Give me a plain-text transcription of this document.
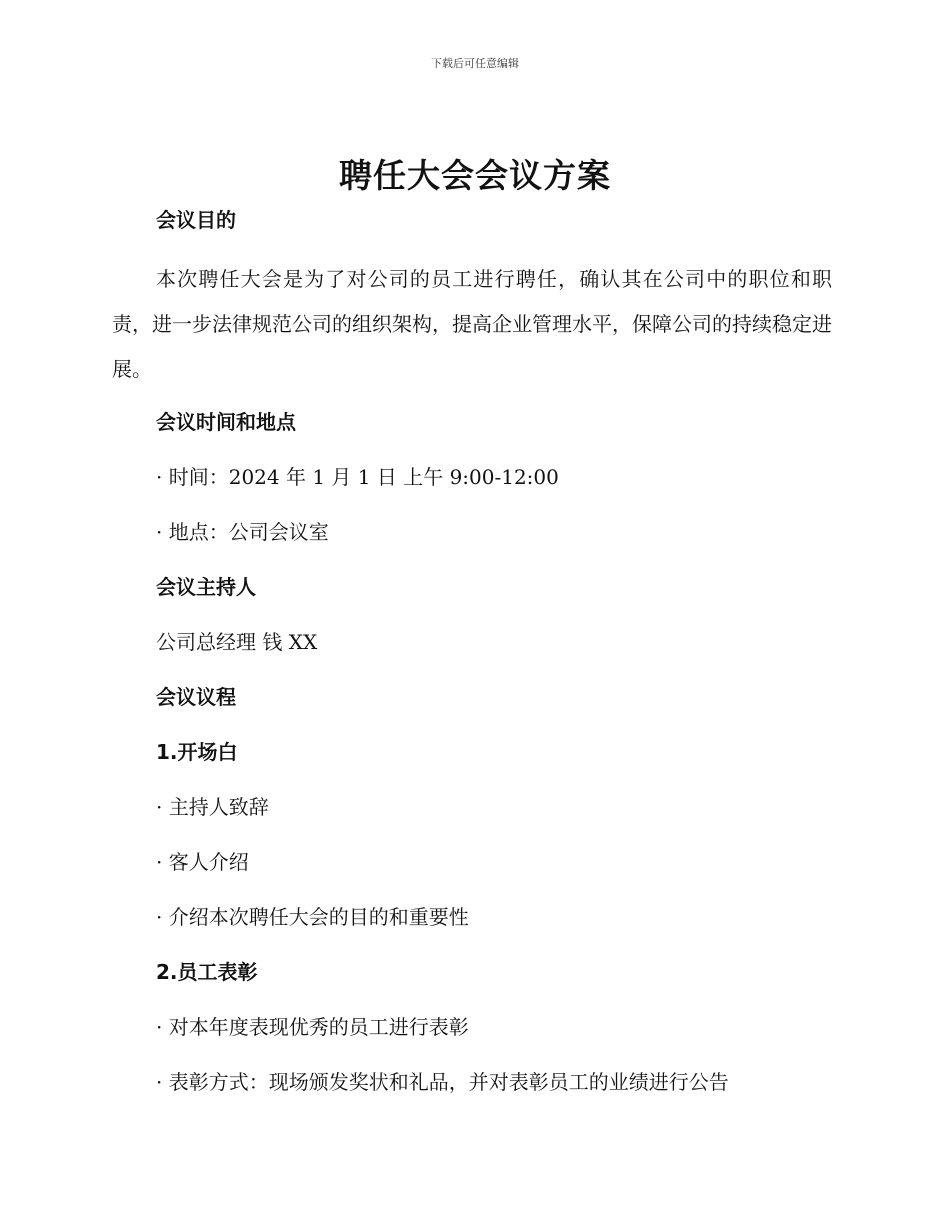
下载后可任意编辑
聘任大会会议方案
会议目的
本次聘任大会是为了对公司的员工进行聘任，确认其在公司中的职位和职责，进一步法律规范公司的组织架构，提高企业管理水平，保障公司的持续稳定进展。
会议时间和地点
· 时间：2024 年 1 月 1 日 上午 9:00-12:00
· 地点：公司会议室
会议主持人
公司总经理 钱 XX
会议议程
1.开场白
· 主持人致辞
· 客人介绍
· 介绍本次聘任大会的目的和重要性
2.员工表彰
· 对本年度表现优秀的员工进行表彰
· 表彰方式：现场颁发奖状和礼品，并对表彰员工的业绩进行公告
